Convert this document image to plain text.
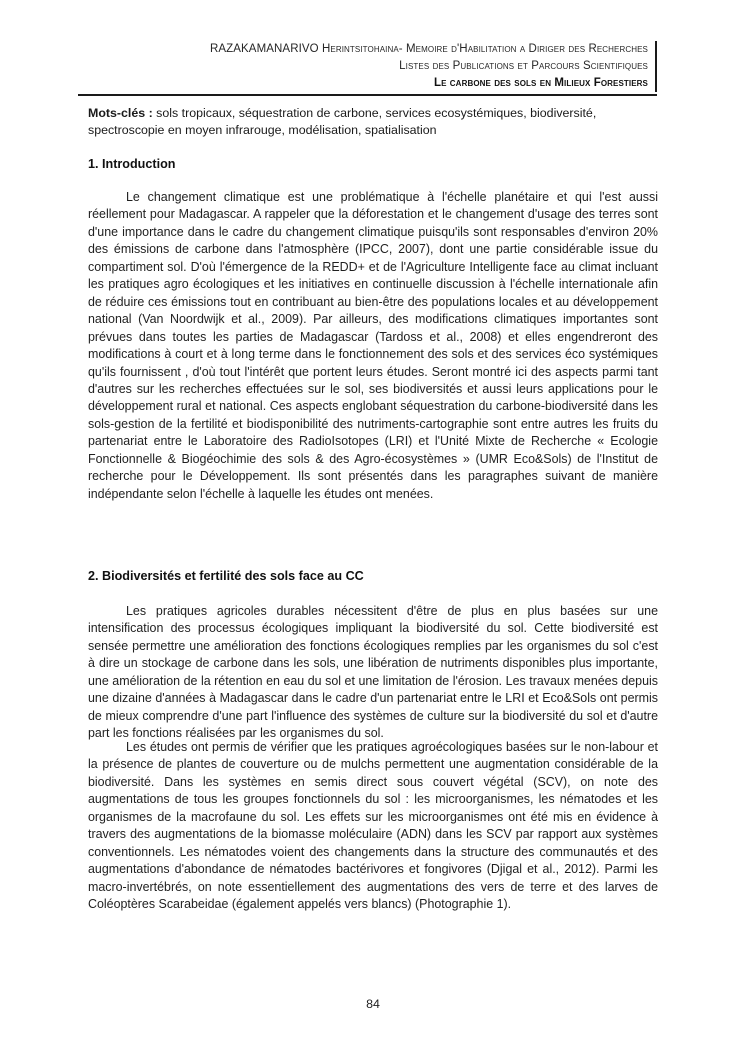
RAZAKAMANARIVO Herintsitohaina- Memoire d'Habilitation a Diriger des Recherches
Listes des Publications et Parcours Scientifiques
Le carbone des sols en Milieux Forestiers
Mots-clés : sols tropicaux, séquestration de carbone, services ecosystémiques, biodiversité, spectroscopie en moyen infrarouge, modélisation, spatialisation
1. Introduction
Le changement climatique est une problématique à l'échelle planétaire et qui l'est aussi réellement pour Madagascar. A rappeler que la déforestation et le changement d'usage des terres sont d'une importance dans le cadre du changement climatique puisqu'ils sont responsables d'environ 20% des émissions de carbone dans l'atmosphère (IPCC, 2007), dont une partie considérable issue du compartiment sol. D'où l'émergence de la REDD+ et de l'Agriculture Intelligente face au climat incluant les pratiques agro écologiques et les initiatives en continuelle discussion à l'échelle internationale afin de réduire ces émissions tout en contribuant au bien-être des populations locales et au développement national (Van Noordwijk et al., 2009). Par ailleurs, des modifications climatiques importantes sont prévues dans toutes les parties de Madagascar (Tardoss et al., 2008) et elles engendreront des modifications à court et à long terme dans le fonctionnement des sols et des services éco systémiques qu'ils fournissent , d'où tout l'intérêt que portent leurs études. Seront montré ici des aspects parmi tant d'autres sur les recherches effectuées sur le sol, ses biodiversités et aussi leurs applications pour le développement rural et national. Ces aspects englobant séquestration du carbone-biodiversité dans les sols-gestion de la fertilité et biodisponibilité des nutriments-cartographie sont entre autres les fruits du partenariat entre le Laboratoire des RadioIsotopes (LRI) et l'Unité Mixte de Recherche « Ecologie Fonctionnelle & Biogéochimie des sols & des Agro-écosystèmes » (UMR Eco&Sols) de l'Institut de recherche pour le Développement. Ils sont présentés dans les paragraphes suivant de manière indépendante selon l'échelle à laquelle les études ont menées.
2. Biodiversités et fertilité des sols face au CC
Les pratiques agricoles durables nécessitent d'être de plus en plus basées sur une intensification des processus écologiques impliquant la biodiversité du sol. Cette biodiversité est sensée permettre une amélioration des fonctions écologiques remplies par les organismes du sol c'est à dire un stockage de carbone dans les sols, une libération de nutriments disponibles plus importante, une amélioration de la rétention en eau du sol et une limitation de l'érosion. Les travaux menées depuis une dizaine d'années à Madagascar dans le cadre d'un partenariat entre le LRI et Eco&Sols ont permis de mieux comprendre d'une part l'influence des systèmes de culture sur la biodiversité du sol et d'autre part les fonctions réalisées par les organismes du sol.
Les études ont permis de vérifier que les pratiques agroécologiques basées sur le non-labour et la présence de plantes de couverture ou de mulchs permettent une augmentation considérable de la biodiversité. Dans les systèmes en semis direct sous couvert végétal (SCV), on note des augmentations de tous les groupes fonctionnels du sol : les microorganismes, les nématodes et les organismes de la macrofaune du sol. Les effets sur les microorganismes ont été mis en évidence à travers des augmentations de la biomasse moléculaire (ADN) dans les SCV par rapport aux systèmes conventionnels. Les nématodes voient des changements dans la structure des communautés et des augmentations d'abondance de nématodes bactérivores et fongivores (Djigal et al., 2012). Parmi les macro-invertébrés, on note essentiellement des augmentations des vers de terre et des larves de Coléoptères Scarabeidae (également appelés vers blancs) (Photographie 1).
84
